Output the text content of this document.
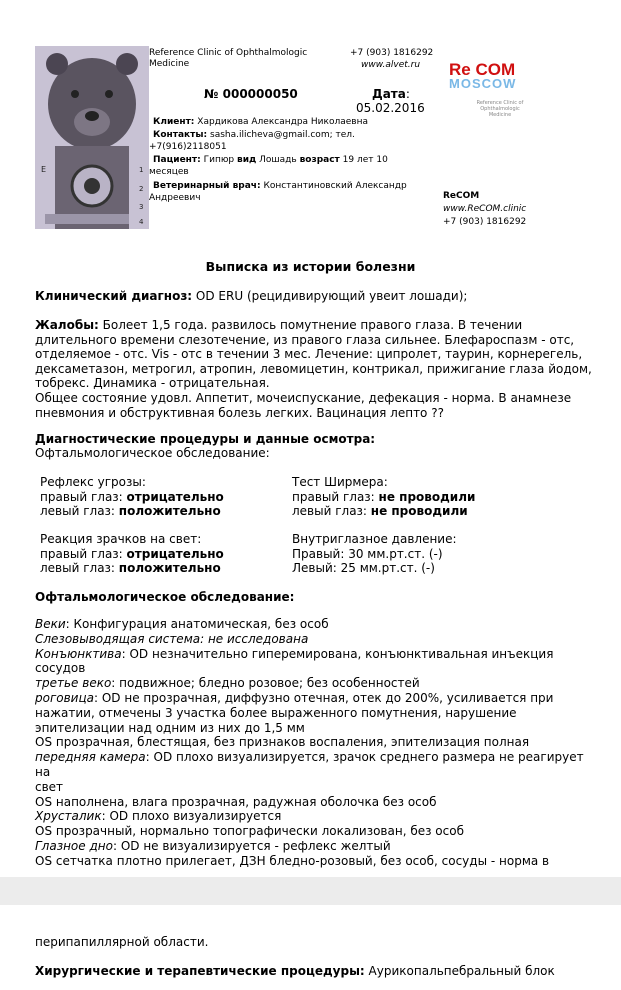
E	1
2
3
4
Reference Clinic of Ophthalmologic Medicine
+7 (903) 1816292
www.alvet.ru
№ 000000050	Дата:
05.02.2016
Клиент: Хардикова Александра Николаевна
Контакты: sasha.ilicheva@gmail.com; тел.
+7(916)2118051
Пациент: Гипюр вид Лошадь возраст 19 лет 10
месяцев
Ветеринарный врач: Константиновский Александр
Андреевич
Re COM
MOSCOW
Reference Clinic of Ophthalmologic Medicine
ReCOM
www.ReCOM.clinic
+7 (903) 1816292
Выписка из истории болезни
Клинический диагноз: OD ERU (рецидивирующий увеит лошади);
Жалобы: Болеет 1,5 года. развилось помутнение правого глаза. В течении
длительного времени слезотечение, из правого глаза сильнее. Блефароспазм - отс,
отделяемое - отс. Vis - отс в течении 3 мес. Лечение: ципролет, таурин, корнерегель,
дексаметазон, метрогил, атропин, левомицетин, контрикал, прижигание глаза йодом,
тобрекс. Динамика - отрицательная.
Общее состояние удовл. Аппетит, мочеиспускание, дефекация - норма. В анамнезе
пневмония и обструктивная болезь легких. Вацинация лепто ??
Диагностические процедуры и данные осмотра:
Офтальмологическое обследование:
Рефлекс угрозы:
правый глаз: отрицательно
левый глаз: положительно
Тест Ширмера:
правый глаз: не проводили
левый глаз: не проводили
Реакция зрачков на свет:
правый глаз: отрицательно
левый глаз: положительно
Внутриглазное давление:
Правый: 30 мм.рт.ст. (-)
Левый: 25 мм.рт.ст. (-)
Офтальмологическое обследование:
Веки: Конфигурация анатомическая, без особ
Слезовыводящая система: не исследована
Конъюнктива: OD незначительно гиперемирована, конъюнктивальная инъекция
сосудов
третье веко: подвижное; бледно розовое; без особенностей
роговица: OD не прозрачная, диффузно отечная, отек до 200%, усиливается при
нажатии, отмечены 3 участка более выраженного помутнения, нарушение
эпителизации над одним из них до 1,5 мм
OS прозрачная, блестящая, без признаков воспаления, эпителизация полная
передняя камера: OD плохо визуализируется, зрачок среднего размера не реагирует на
свет
OS наполнена, влага прозрачная, радужная оболочка без особ
Хрусталик: OD плохо визуализируется
OS прозрачный, нормально топографически локализован, без особ
Глазное дно: OD не визуализируется - рефлекс желтый
OS сетчатка плотно прилегает, ДЗН бледно-розовый, без особ, сосуды - норма в
перипапиллярной области.
Хирургические и терапевтические процедуры: Аурикопальпебральный блок
